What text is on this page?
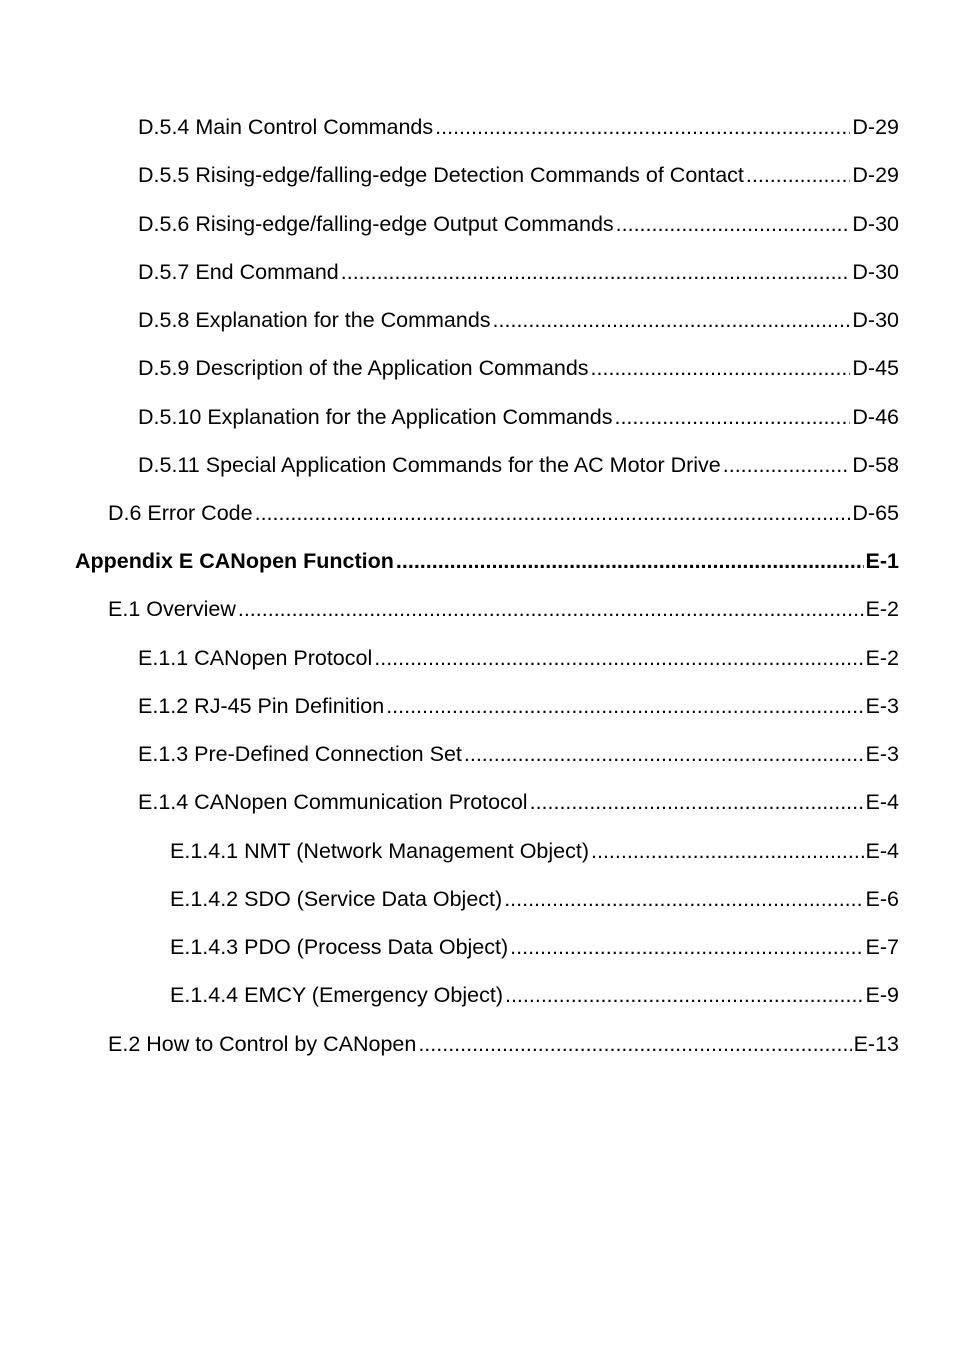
D.5.4 Main Control Commands .....	D-29
D.5.5 Rising-edge/falling-edge Detection Commands of Contact .....	D-29
D.5.6 Rising-edge/falling-edge Output Commands .....	D-30
D.5.7 End Command .....	D-30
D.5.8 Explanation for the Commands .....	D-30
D.5.9 Description of the Application Commands .....	D-45
D.5.10 Explanation for the Application Commands .....	D-46
D.5.11 Special Application Commands for the AC Motor Drive .....	D-58
D.6 Error Code .....	D-65
Appendix E CANopen Function .....	E-1
E.1 Overview .....	E-2
E.1.1 CANopen Protocol .....	E-2
E.1.2 RJ-45 Pin Definition .....	E-3
E.1.3 Pre-Defined Connection Set .....	E-3
E.1.4 CANopen Communication Protocol .....	E-4
E.1.4.1 NMT (Network Management Object) .....	E-4
E.1.4.2 SDO (Service Data Object) .....	E-6
E.1.4.3 PDO (Process Data Object) .....	E-7
E.1.4.4 EMCY (Emergency Object) .....	E-9
E.2 How to Control by CANopen .....	E-13
